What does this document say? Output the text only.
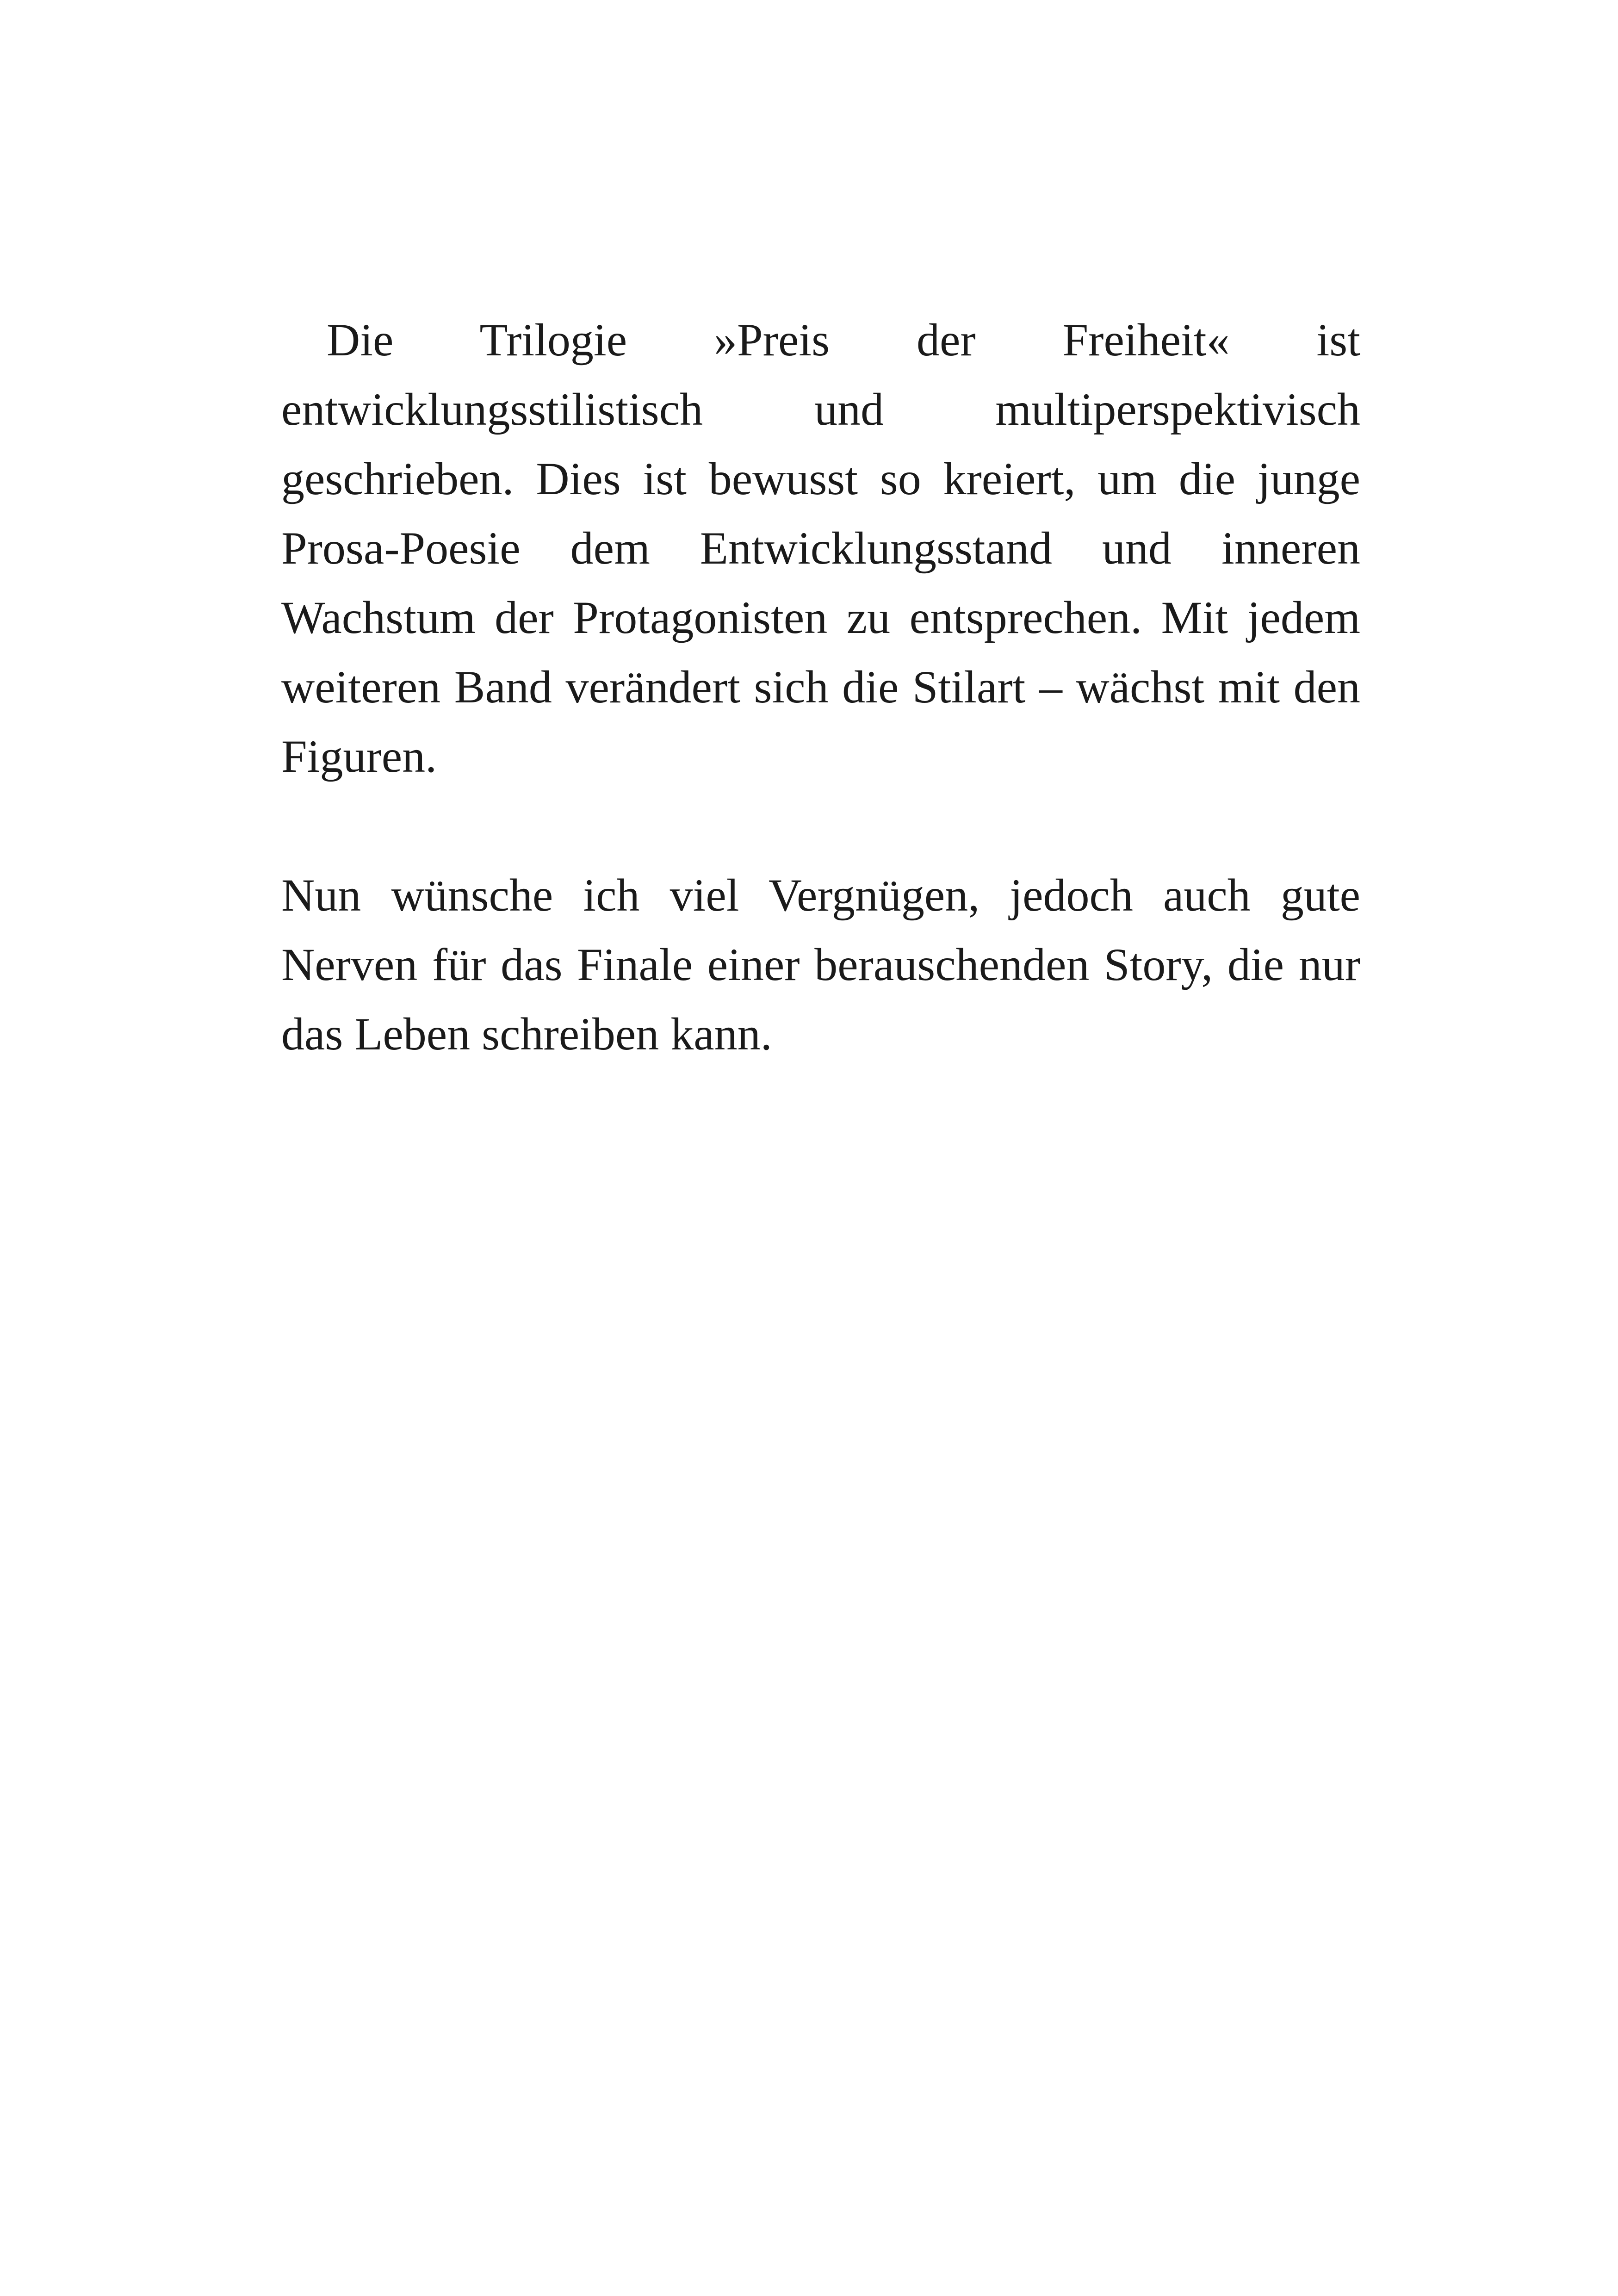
Die Trilogie »Preis der Freiheit« ist entwicklungsstilistisch und multiperspektivisch geschrieben. Dies ist bewusst so kreiert, um die junge Prosa-Poesie dem Entwicklungsstand und inneren Wachstum der Protagonisten zu entsprechen. Mit jedem weiteren Band verändert sich die Stilart – wächst mit den Figuren.

Nun wünsche ich viel Vergnügen, jedoch auch gute Nerven für das Finale einer berauschenden Story, die nur das Leben schreiben kann.
